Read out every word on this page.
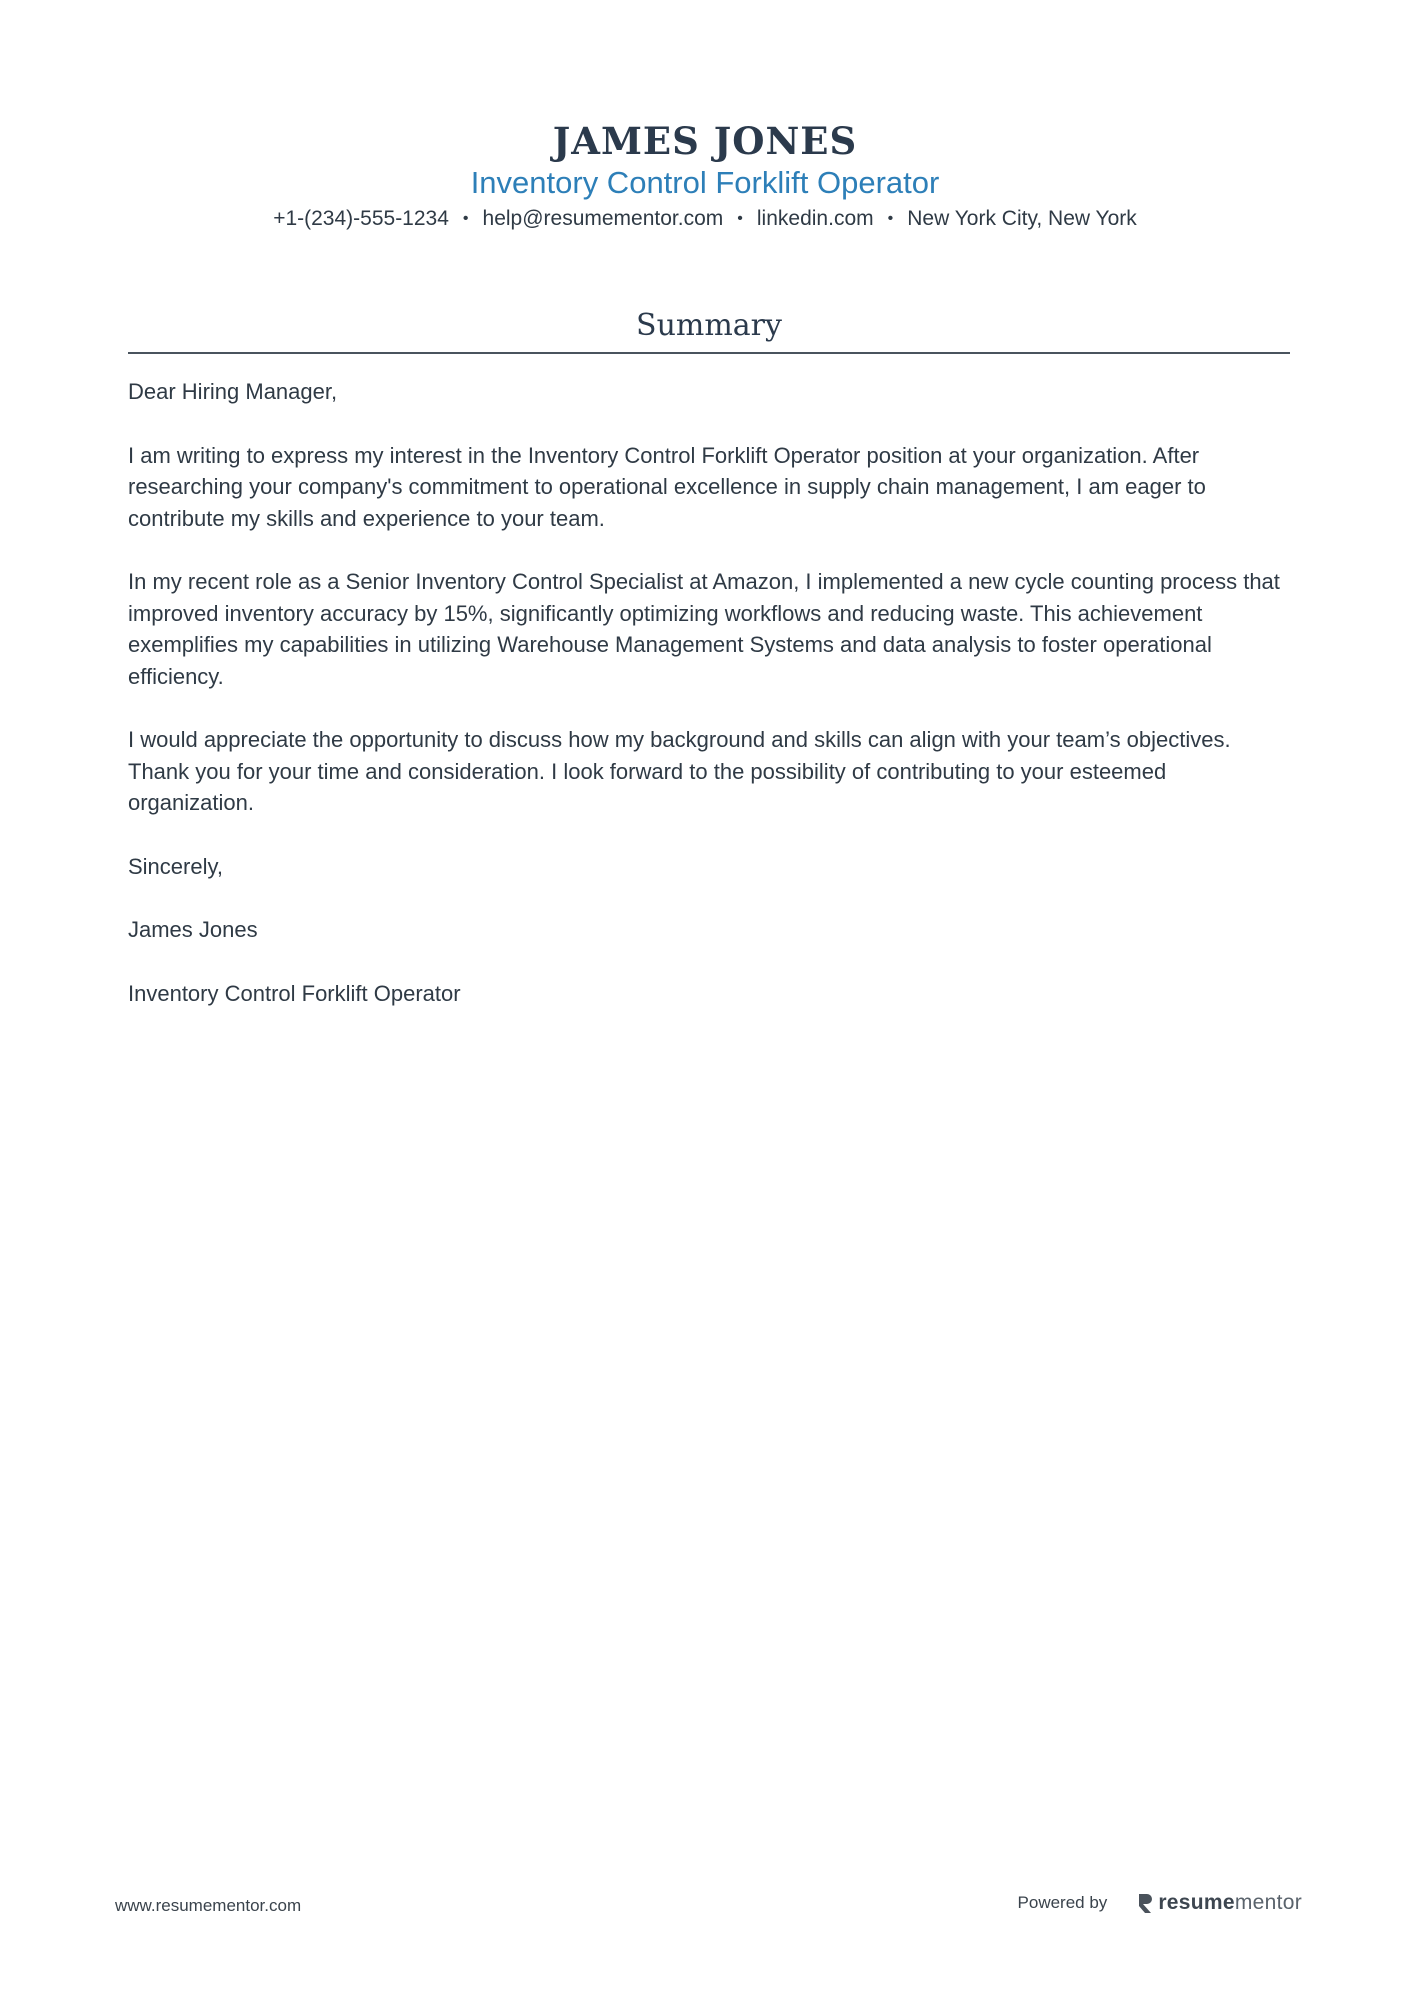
JAMES JONES
Inventory Control Forklift Operator
+1-(234)-555-1234 • help@resumementor.com • linkedin.com • New York City, New York
Summary

Dear Hiring Manager,

I am writing to express my interest in the Inventory Control Forklift Operator position at your organization. After researching your company's commitment to operational excellence in supply chain management, I am eager to contribute my skills and experience to your team.

In my recent role as a Senior Inventory Control Specialist at Amazon, I implemented a new cycle counting process that improved inventory accuracy by 15%, significantly optimizing workflows and reducing waste. This achievement exemplifies my capabilities in utilizing Warehouse Management Systems and data analysis to foster operational efficiency.

I would appreciate the opportunity to discuss how my background and skills can align with your team’s objectives. Thank you for your time and consideration. I look forward to the possibility of contributing to your esteemed organization.

Sincerely,

James Jones

Inventory Control Forklift Operator

www.resumementor.com	Powered by resume mentor
